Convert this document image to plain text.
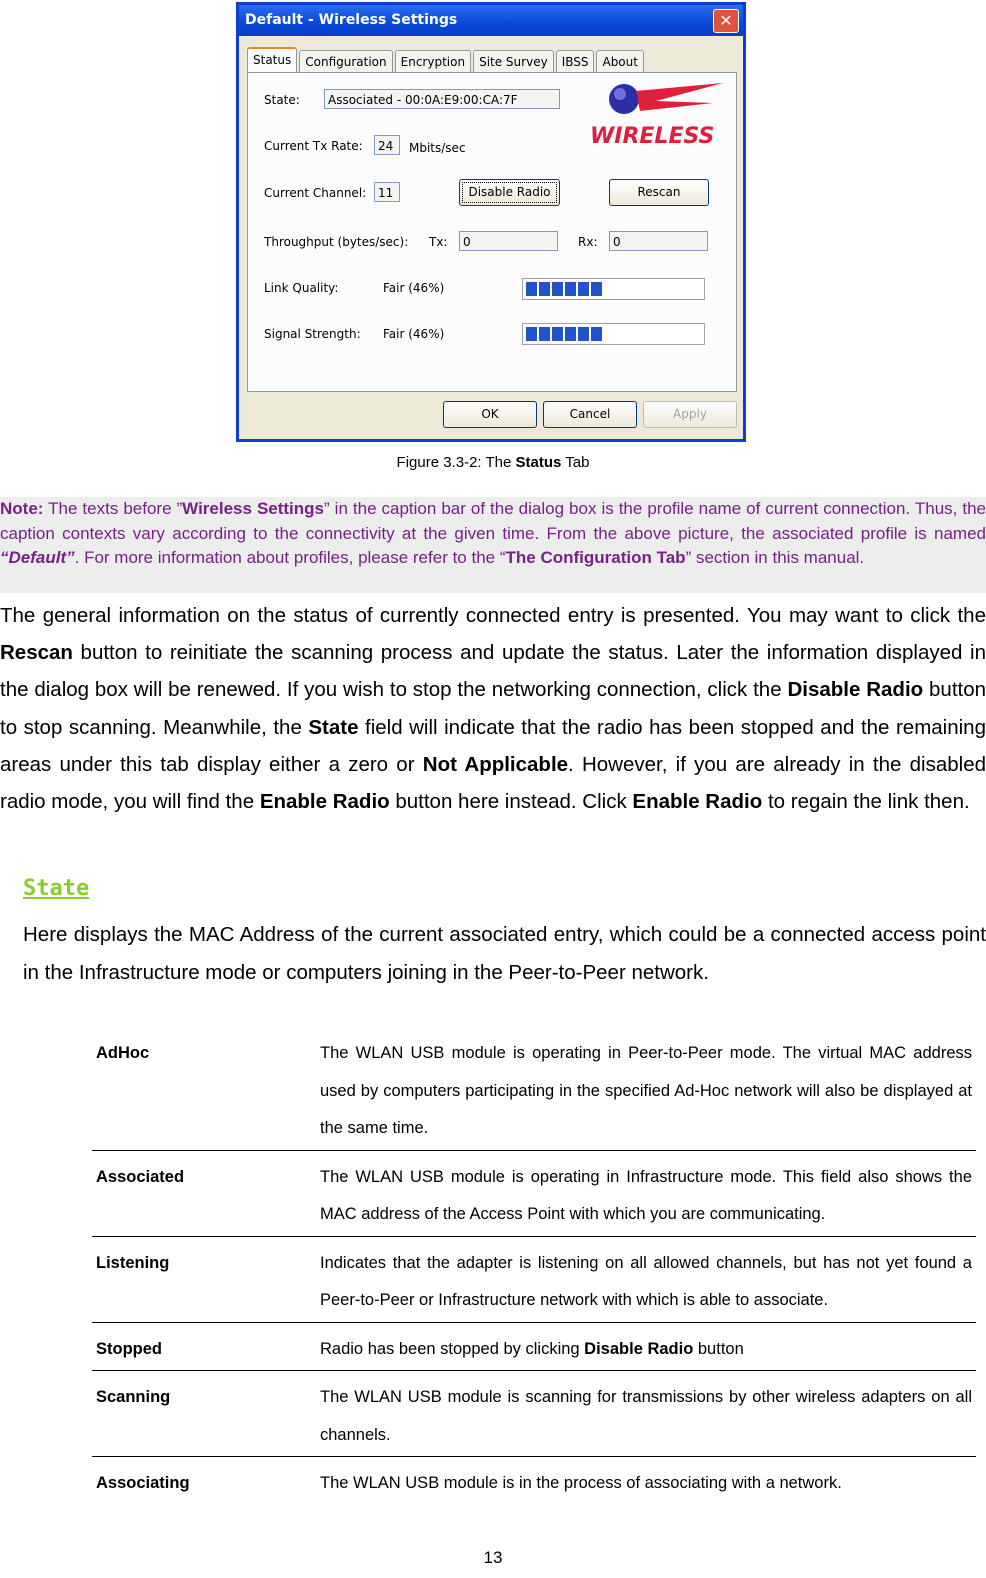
Default - Wireless Settings	✕
Status	Configuration	Encryption	Site Survey	IBSS	About
State:	Associated - 00:0A:E9:00:CA:7F
WIRELESS
Current Tx Rate:	24	Mbits/sec
Current Channel: 11	Disable Radio	Rescan
Throughput (bytes/sec): Tx:	0	Rx:	0
Link Quality:	Fair (46%)
Signal Strength: Fair (46%)
OK	Cancel	Apply
Figure 3.3-2: The Status Tab
Note: The texts before ”Wireless Settings” in the caption bar of the dialog box is the profile name of current connection. Thus, the caption contexts vary according to the connectivity at the given time. From the above picture, the associated profile is named “Default”. For more information about profiles, please refer to the “The Configuration Tab” section in this manual.
The general information on the status of currently connected entry is presented. You may want to click the Rescan button to reinitiate the scanning process and update the status. Later the information displayed in the dialog box will be renewed. If you wish to stop the networking connection, click the Disable Radio button to stop scanning. Meanwhile, the State field will indicate that the radio has been stopped and the remaining areas under this tab display either a zero or Not Applicable. However, if you are already in the disabled radio mode, you will find the Enable Radio button here instead. Click Enable Radio to regain the link then.
State
Here displays the MAC Address of the current associated entry, which could be a connected access point in the Infrastructure mode or computers joining in the Peer-to-Peer network.
AdHoc	The WLAN USB module is operating in Peer-to-Peer mode. The virtual MAC address used by computers participating in the specified Ad-Hoc network will also be displayed at the same time.
Associated	The WLAN USB module is operating in Infrastructure mode. This field also shows the MAC address of the Access Point with which you are communicating.
Listening	Indicates that the adapter is listening on all allowed channels, but has not yet found a Peer-to-Peer or Infrastructure network with which is able to associate.
Stopped	Radio has been stopped by clicking Disable Radio button
Scanning	The WLAN USB module is scanning for transmissions by other wireless adapters on all channels.
Associating	The WLAN USB module is in the process of associating with a network.
13
